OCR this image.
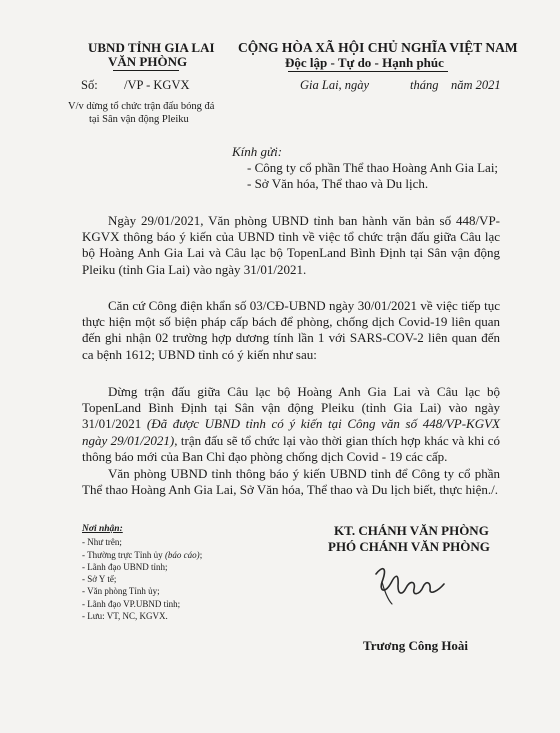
UBND TỈNH GIA LAI
VĂN PHÒNG
CỘNG HÒA XÃ HỘI CHỦ NGHĨA VIỆT NAM
Độc lập - Tự do - Hạnh phúc
Số: /VP - KGVX	Gia Lai, ngày	tháng năm 2021
V/v dừng tổ chức trận đấu bóng đá
tại Sân vận động Pleiku
Kính gửi:
- Công ty cổ phần Thể thao Hoàng Anh Gia Lai;
- Sở Văn hóa, Thể thao và Du lịch.
Ngày 29/01/2021, Văn phòng UBND tỉnh ban hành văn bản số 448/VP-KGVX thông báo ý kiến của UBND tỉnh về việc tổ chức trận đấu giữa Câu lạc bộ Hoàng Anh Gia Lai và Câu lạc bộ TopenLand Bình Định tại Sân vận động Pleiku (tỉnh Gia Lai) vào ngày 31/01/2021.
Căn cứ Công điện khẩn số 03/CĐ-UBND ngày 30/01/2021 về việc tiếp tục thực hiện một số biện pháp cấp bách để phòng, chống dịch Covid-19 liên quan đến ghi nhận 02 trường hợp dương tính lần 1 với SARS-COV-2 liên quan đến ca bệnh 1612; UBND tỉnh có ý kiến như sau:
Dừng trận đấu giữa Câu lạc bộ Hoàng Anh Gia Lai và Câu lạc bộ TopenLand Bình Định tại Sân vận động Pleiku (tỉnh Gia Lai) vào ngày 31/01/2021 (Đã được UBND tỉnh có ý kiến tại Công văn số 448/VP-KGVX ngày 29/01/2021), trận đấu sẽ tổ chức lại vào thời gian thích hợp khác và khi có thông báo mới của Ban Chỉ đạo phòng chống dịch Covid - 19 các cấp.
Văn phòng UBND tỉnh thông báo ý kiến UBND tỉnh để Công ty cổ phần Thể thao Hoàng Anh Gia Lai, Sở Văn hóa, Thể thao và Du lịch biết, thực hiện./.
Nơi nhận:
- Như trên;
- Thường trực Tỉnh ủy (báo cáo);
- Lãnh đạo UBND tỉnh;
- Sở Y tế;
- Văn phòng Tỉnh ủy;
- Lãnh đạo VP.UBND tỉnh;
- Lưu: VT, NC, KGVX.
KT. CHÁNH VĂN PHÒNG
PHÓ CHÁNH VĂN PHÒNG
Trương Công Hoài
